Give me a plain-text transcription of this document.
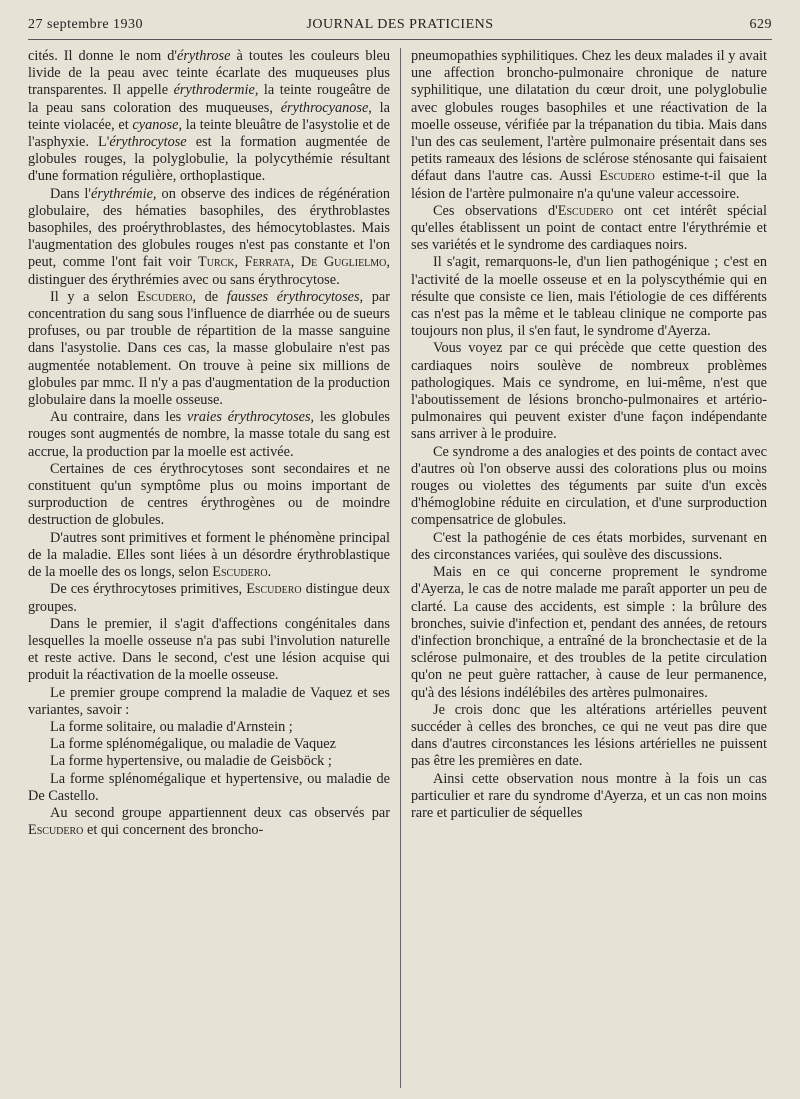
27 septembre 1930	JOURNAL DES PRATICIENS	629

cités. Il donne le nom d'érythrose à toutes les couleurs bleu livide de la peau avec teinte écarlate des muqueuses plus transparentes. Il appelle érythrodermie, la teinte rougeâtre de la peau sans coloration des muqueuses, érythrocyanose, la teinte violacée, et cyanose, la teinte bleuâtre de l'asystolie et de l'asphyxie. L'érythrocytose est la formation augmentée de globules rouges, la polyglobulie, la polycythémie résultant d'une formation régulière, orthoplastique.

Dans l'érythrémie, on observe des indices de régénération globulaire, des hématies basophiles, des érythroblastes basophiles, des proérythroblastes, des hémocytoblastes. Mais l'augmentation des globules rouges n'est pas constante et l'on peut, comme l'ont fait voir Turck, Ferrata, De Guglielmo, distinguer des érythrémies avec ou sans érythrocytose.

Il y a selon Escudero, de fausses érythrocytoses, par concentration du sang sous l'influence de diarrhée ou de sueurs profuses, ou par trouble de répartition de la masse sanguine dans l'asystolie. Dans ces cas, la masse globulaire n'est pas augmentée notablement. On trouve à peine six millions de globules par mmc. Il n'y a pas d'augmentation de la production globulaire dans la moelle osseuse.

Au contraire, dans les vraies érythrocytoses, les globules rouges sont augmentés de nombre, la masse totale du sang est accrue, la production par la moelle est activée.

Certaines de ces érythrocytoses sont secondaires et ne constituent qu'un symptôme plus ou moins important de surproduction de centres érythrogènes ou de moindre destruction de globules.

D'autres sont primitives et forment le phénomène principal de la maladie. Elles sont liées à un désordre érythroblastique de la moelle des os longs, selon Escudero.

De ces érythrocytoses primitives, Escudero distingue deux groupes.

Dans le premier, il s'agit d'affections congénitales dans lesquelles la moelle osseuse n'a pas subi l'involution naturelle et reste active. Dans le second, c'est une lésion acquise qui produit la réactivation de la moelle osseuse.

Le premier groupe comprend la maladie de Vaquez et ses variantes, savoir :

La forme solitaire, ou maladie d'Arnstein ;

La forme splénomégalique, ou maladie de Vaquez

La forme hypertensive, ou maladie de Geisböck ;

La forme splénomégalique et hypertensive, ou maladie de De Castello.

Au second groupe appartiennent deux cas observés par Escudero et qui concernent des broncho-

pneumopathies syphilitiques. Chez les deux malades il y avait une affection broncho-pulmonaire chronique de nature syphilitique, une dilatation du cœur droit, une polyglobulie avec globules rouges basophiles et une réactivation de la moelle osseuse, vérifiée par la trépanation du tibia. Mais dans l'un des cas seulement, l'artère pulmonaire présentait dans ses petits rameaux des lésions de sclérose sténosante qui faisaient défaut dans l'autre cas. Aussi Escudero estime-t-il que la lésion de l'artère pulmonaire n'a qu'une valeur accessoire.

Ces observations d'Escudero ont cet intérêt spécial qu'elles établissent un point de contact entre l'érythrémie et ses variétés et le syndrome des cardiaques noirs.

Il s'agit, remarquons-le, d'un lien pathogénique ; c'est en l'activité de la moelle osseuse et en la polyscythémie qui en résulte que consiste ce lien, mais l'étiologie de ces différents cas n'est pas la même et le tableau clinique ne comporte pas toujours non plus, il s'en faut, le syndrome d'Ayerza.

Vous voyez par ce qui précède que cette question des cardiaques noirs soulève de nombreux problèmes pathologiques. Mais ce syndrome, en lui-même, n'est que l'aboutissement de lésions broncho-pulmonaires et artério-pulmonaires qui peuvent exister d'une façon indépendante sans arriver à le produire.

Ce syndrome a des analogies et des points de contact avec d'autres où l'on observe aussi des colorations plus ou moins rouges ou violettes des téguments par suite d'un excès d'hémoglobine réduite en circulation, et d'une surproduction compensatrice de globules.

C'est la pathogénie de ces états morbides, survenant en des circonstances variées, qui soulève des discussions.

Mais en ce qui concerne proprement le syndrome d'Ayerza, le cas de notre malade me paraît apporter un peu de clarté. La cause des accidents, est simple : la brûlure des bronches, suivie d'infection et, pendant des années, de retours d'infection bronchique, a entraîné de la bronchectasie et de la sclérose pulmonaire, et des troubles de la petite circulation qu'on ne peut guère rattacher, à cause de leur permanence, qu'à des lésions indélébiles des artères pulmonaires.

Je crois donc que les altérations artérielles peuvent succéder à celles des bronches, ce qui ne veut pas dire que dans d'autres circonstances les lésions artérielles ne puissent pas être les premières en date.

Ainsi cette observation nous montre à la fois un cas particulier et rare du syndrome d'Ayerza, et un cas non moins rare et particulier de séquelles
